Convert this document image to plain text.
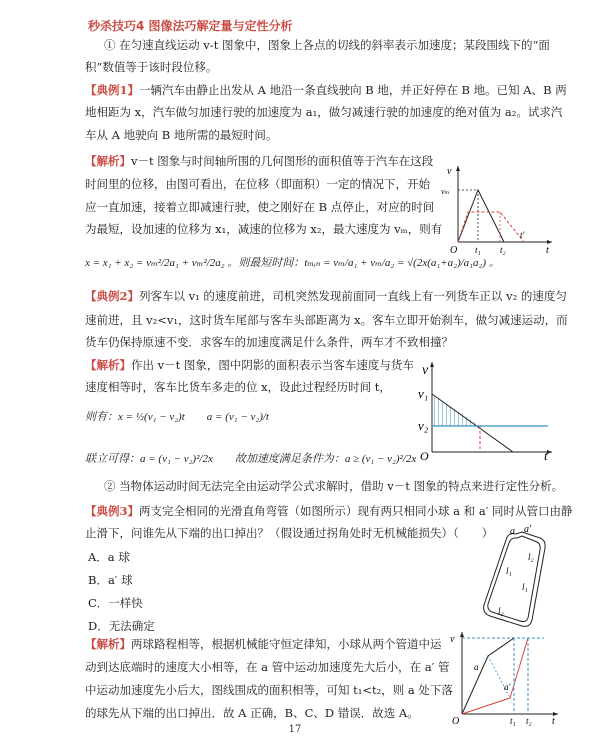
秒杀技巧4 图像法巧解定量与定性分析
① 在匀速直线运动 v-t 图象中，图象上各点的切线的斜率表示加速度；某段围线下的“面
积”数值等于该时段位移。
【典例1】一辆汽车由静止出发从 A 地沿一条直线驶向 B 地，并正好停在 B 地。已知 A、B 两
地相距为 x，汽车做匀加速行驶的加速度为 a₁，做匀减速行驶的加速度的绝对值为 a₂。试求汽
车从 A 地驶向 B 地所需的最短时间。
【解析】v－t 图象与时间轴所围的几何图形的面积值等于汽车在这段
时间里的位移，由图可看出，在位移（即面积）一定的情况下，开始
应一直加速，接着立即减速行驶，使之刚好在 B 点停止，对应的时间
为最短，设加速的位移为 x₁，减速的位移为 x₂，最大速度为 vₘ，则有
x = x₁ + x₂ = vₘ²/2a₁ + vₘ²/2a₂ 。则最短时间：tₘᵢₙ = vₘ/a₁ + vₘ/a₂ = √(2x(a₁+a₂)/a₁a₂) 。
v
vₘ
O t₁ t₂
t′
t
【典例2】列客车以 v₁ 的速度前进，司机突然发现前面同一直线上有一列货车正以 v₂ 的速度匀
速前进，且 v₂<v₁，这时货车尾部与客车头部距离为 x。客车立即开始刹车，做匀减速运动，而
货车仍保持原速不变．求客车的加速度满足什么条件，两车才不致相撞？
【解析】作出 v－t 图象，图中阴影的面积表示当客车速度与货车
速度相等时，客车比货车多走的位 x，设此过程经历时间 t，
则有：x = ½(v₁ − v₂)t　　a = (v₁ − v₂)/t
联立可得：a = (v₁ − v₂)²/2x　　故加速度满足条件为：a ≥ (v₁ − v₂)²/2x
v
v₁
v₂
O	t
② 当物体运动时间无法完全由运动学公式求解时，借助 v－t 图象的特点来进行定性分析。
【典例3】两支完全相同的光滑直角弯管（如图所示）现有两只相同小球 a 和 a′ 同时从管口由静
止滑下，问谁先从下端的出口掉出？（假设通过拐角处时无机械能损失）（　　）
A．a 球
B．a′ 球
C．一样快
D．无法确定
a a′
l₂
l₁
l₁
l₂
【解析】两球路程相等，根据机械能守恒定律知，小球从两个管道中运
动到达底端时的速度大小相等，在 a 管中运动加速度先大后小，在 a′ 管
中运动加速度先小后大，图线围成的面积相等，可知 t₁<t₂，则 a 处下落
的球先从下端的出口掉出．故 A 正确，B、C、D 错误．故选 A。
v
a
a′
O	t₁ t₂ t
17
